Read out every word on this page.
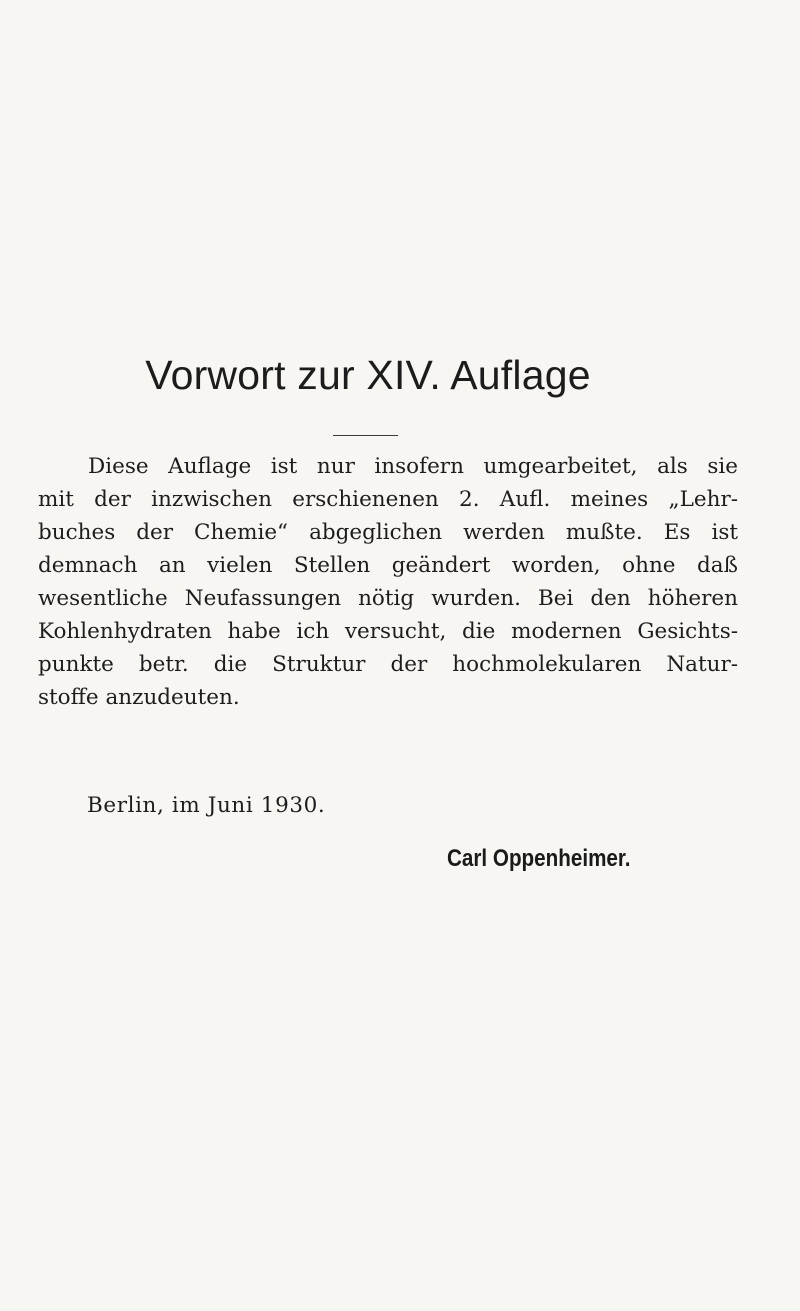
Vorwort zur XIV. Auflage
Diese Auflage ist nur insofern umgearbeitet, als sie
mit der inzwischen erschienenen 2. Aufl. meines „Lehr-
buches der Chemie“ abgeglichen werden mußte. Es ist
demnach an vielen Stellen geändert worden, ohne daß
wesentliche Neufassungen nötig wurden. Bei den höheren
Kohlenhydraten habe ich versucht, die modernen Gesichts-
punkte betr. die Struktur der hochmolekularen Natur-
stoffe anzudeuten.
Berlin, im Juni 1930.
Carl Oppenheimer.
